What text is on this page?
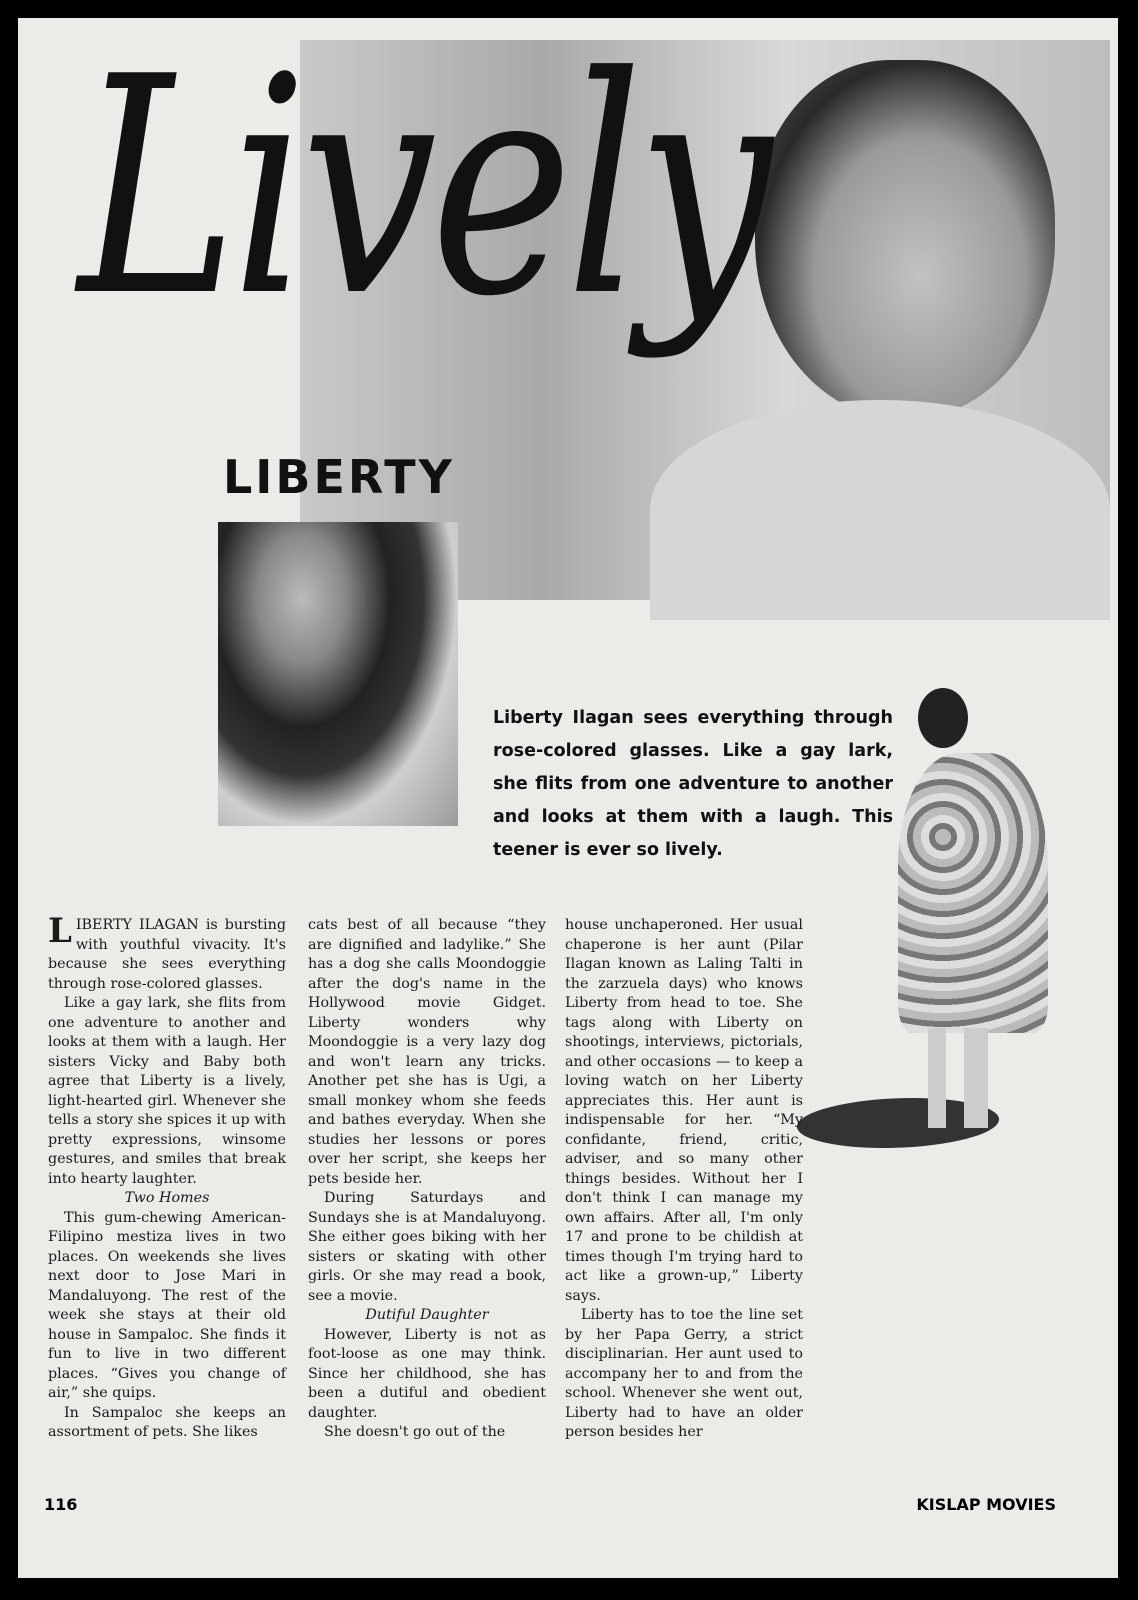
Lively
LIBERTY
Liberty Ilagan sees everything through rose-colored glasses. Like a gay lark, she flits from one adventure to another and looks at them with a laugh. This teener is ever so lively.

LIBERTY ILAGAN is bursting with youthful vivacity. It's because she sees everything through rose-colored glasses.

Like a gay lark, she flits from one adventure to another and looks at them with a laugh. Her sisters Vicky and Baby both agree that Liberty is a lively, light-hearted girl. Whenever she tells a story she spices it up with pretty expressions, winsome gestures, and smiles that break into hearty laughter.

Two Homes

This gum-chewing American-Filipino mestiza lives in two places. On weekends she lives next door to Jose Mari in Mandaluyong. The rest of the week she stays at their old house in Sampaloc. She finds it fun to live in two different places. “Gives you change of air,” she quips.

In Sampaloc she keeps an assortment of pets. She likes

cats best of all because “they are dignified and ladylike.” She has a dog she calls Moondoggie after the dog's name in the Hollywood movie Gidget. Liberty wonders why Moondoggie is a very lazy dog and won't learn any tricks. Another pet she has is Ugi, a small monkey whom she feeds and bathes everyday. When she studies her lessons or pores over her script, she keeps her pets beside her.

During Saturdays and Sundays she is at Mandaluyong. She either goes biking with her sisters or skating with other girls. Or she may read a book, see a movie.

Dutiful Daughter

However, Liberty is not as foot-loose as one may think. Since her childhood, she has been a dutiful and obedient daughter.

She doesn't go out of the

house unchaperoned. Her usual chaperone is her aunt (Pilar Ilagan known as Laling Talti in the zarzuela days) who knows Liberty from head to toe. She tags along with Liberty on shootings, interviews, pictorials, and other occasions — to keep a loving watch on her Liberty appreciates this. Her aunt is indispensable for her. “My confidante, friend, critic, adviser, and so many other things besides. Without her I don't think I can manage my own affairs. After all, I'm only 17 and prone to be childish at times though I'm trying hard to act like a grown-up,” Liberty says.

Liberty has to toe the line set by her Papa Gerry, a strict disciplinarian. Her aunt used to accompany her to and from the school. Whenever she went out, Liberty had to have an older person besides her

116	KISLAP MOVIES
